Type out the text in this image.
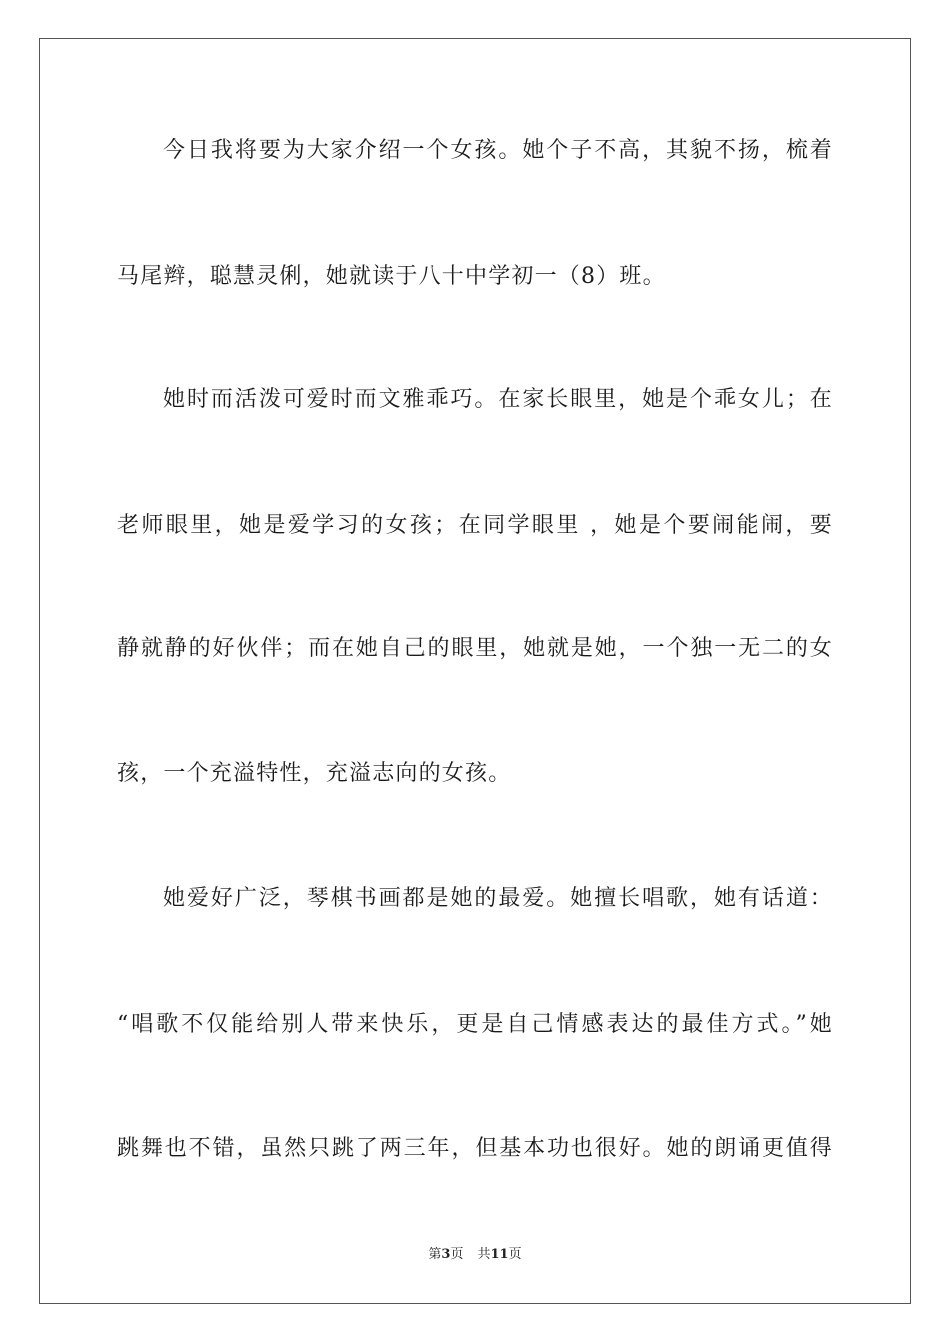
今日我将要为大家介绍一个女孩。她个子不高，其貌不扬，梳着
马尾辫，聪慧灵俐，她就读于八十中学初一（8）班。
她时而活泼可爱时而文雅乖巧。在家长眼里，她是个乖女儿；在
老师眼里，她是爱学习的女孩；在同学眼里 ，她是个要闹能闹，要
静就静的好伙伴；而在她自己的眼里，她就是她，一个独一无二的女
孩，一个充溢特性，充溢志向的女孩。
她爱好广泛，琴棋书画都是她的最爱。她擅长唱歌，她有话道：
“唱歌不仅能给别人带来快乐，更是自己情感表达的最佳方式。”她
跳舞也不错，虽然只跳了两三年，但基本功也很好。她的朗诵更值得
第3页 共11页
